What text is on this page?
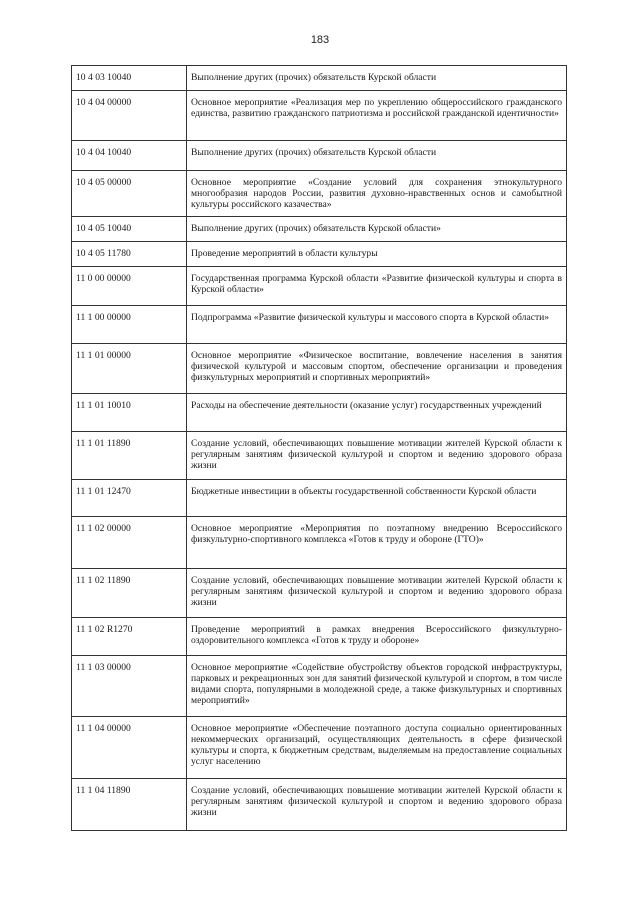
183
10 4 03 10040	Выполнение других (прочих) обязательств Курской области
10 4 04 00000	Основное мероприятие «Реализация мер по укреплению общероссийского гражданского единства, развитию гражданского патриотизма и российской гражданской идентичности»
10 4 04 10040	Выполнение других (прочих) обязательств Курской области
10 4 05 00000	Основное мероприятие «Создание условий для сохранения этнокультурного многообразия народов России, развития духовно-нравственных основ и самобытной культуры российского казачества»
10 4 05 10040	Выполнение других (прочих) обязательств Курской области»
10 4 05 11780	Проведение мероприятий в области культуры
11 0 00 00000	Государственная программа Курской области «Развитие физической культуры и спорта в Курской области»
11 1 00 00000	Подпрограмма «Развитие физической культуры и массового спорта в Курской области»
11 1 01 00000	Основное мероприятие «Физическое воспитание, вовлечение населения в занятия физической культурой и массовым спортом, обеспечение организации и проведения физкультурных мероприятий и спортивных мероприятий»
11 1 01 10010	Расходы на обеспечение деятельности (оказание услуг) государственных учреждений
11 1 01 11890	Создание условий, обеспечивающих повышение мотивации жителей Курской области к регулярным занятиям физической культурой и спортом и ведению здорового образа жизни
11 1 01 12470	Бюджетные инвестиции в объекты государственной собственности Курской области
11 1 02 00000	Основное мероприятие «Мероприятия по поэтапному внедрению Всероссийского физкультурно-спортивного комплекса «Готов к труду и обороне (ГТО)»
11 1 02 11890	Создание условий, обеспечивающих повышение мотивации жителей Курской области к регулярным занятиям физической культурой и спортом и ведению здорового образа жизни
11 1 02 R1270	Проведение мероприятий в рамках внедрения Всероссийского физкультурно-оздоровительного комплекса «Готов к труду и обороне»
11 1 03 00000	Основное мероприятие «Содействие обустройству объектов городской инфраструктуры, парковых и рекреационных зон для занятий физической культурой и спортом, в том числе видами спорта, популярными в молодежной среде, а также физкультурных и спортивных мероприятий»
11 1 04 00000	Основное мероприятие «Обеспечение поэтапного доступа социально ориентированных некоммерческих организаций, осуществляющих деятельность в сфере физической культуры и спорта, к бюджетным средствам, выделяемым на предоставление социальных услуг населению
11 1 04 11890	Создание условий, обеспечивающих повышение мотивации жителей Курской области к регулярным занятиям физической культурой и спортом и ведению здорового образа жизни
